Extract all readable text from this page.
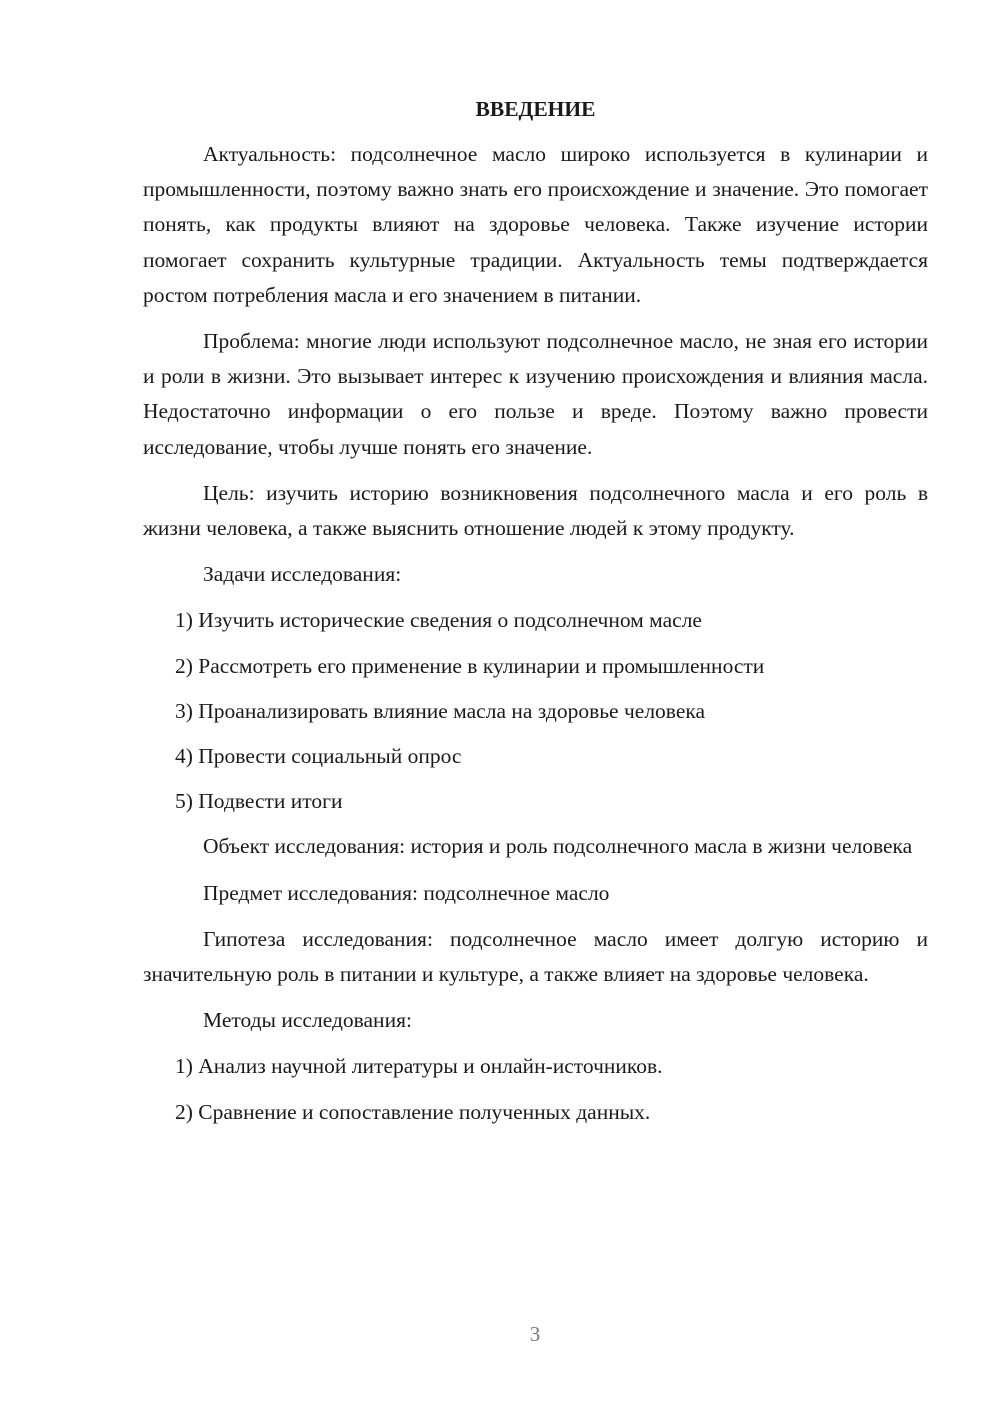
ВВЕДЕНИЕ

Актуальность: подсолнечное масло широко используется в кулинарии и промышленности, поэтому важно знать его происхождение и значение. Это помогает понять, как продукты влияют на здоровье человека. Также изучение истории помогает сохранить культурные традиции. Актуальность темы подтверждается ростом потребления масла и его значением в питании.

Проблема: многие люди используют подсолнечное масло, не зная его истории и роли в жизни. Это вызывает интерес к изучению происхождения и влияния масла. Недостаточно информации о его пользе и вреде. Поэтому важно провести исследование, чтобы лучше понять его значение.

Цель: изучить историю возникновения подсолнечного масла и его роль в жизни человека, а также выяснить отношение людей к этому продукту.

Задачи исследования:

1) Изучить исторические сведения о подсолнечном масле

2) Рассмотреть его применение в кулинарии и промышленности

3) Проанализировать влияние масла на здоровье человека

4) Провести социальный опрос

5) Подвести итоги

Объект исследования: история и роль подсолнечного масла в жизни человека

Предмет исследования: подсолнечное масло

Гипотеза исследования: подсолнечное масло имеет долгую историю и значительную роль в питании и культуре, а также влияет на здоровье человека.

Методы исследования:

1) Анализ научной литературы и онлайн-источников.

2) Сравнение и сопоставление полученных данных.

3
